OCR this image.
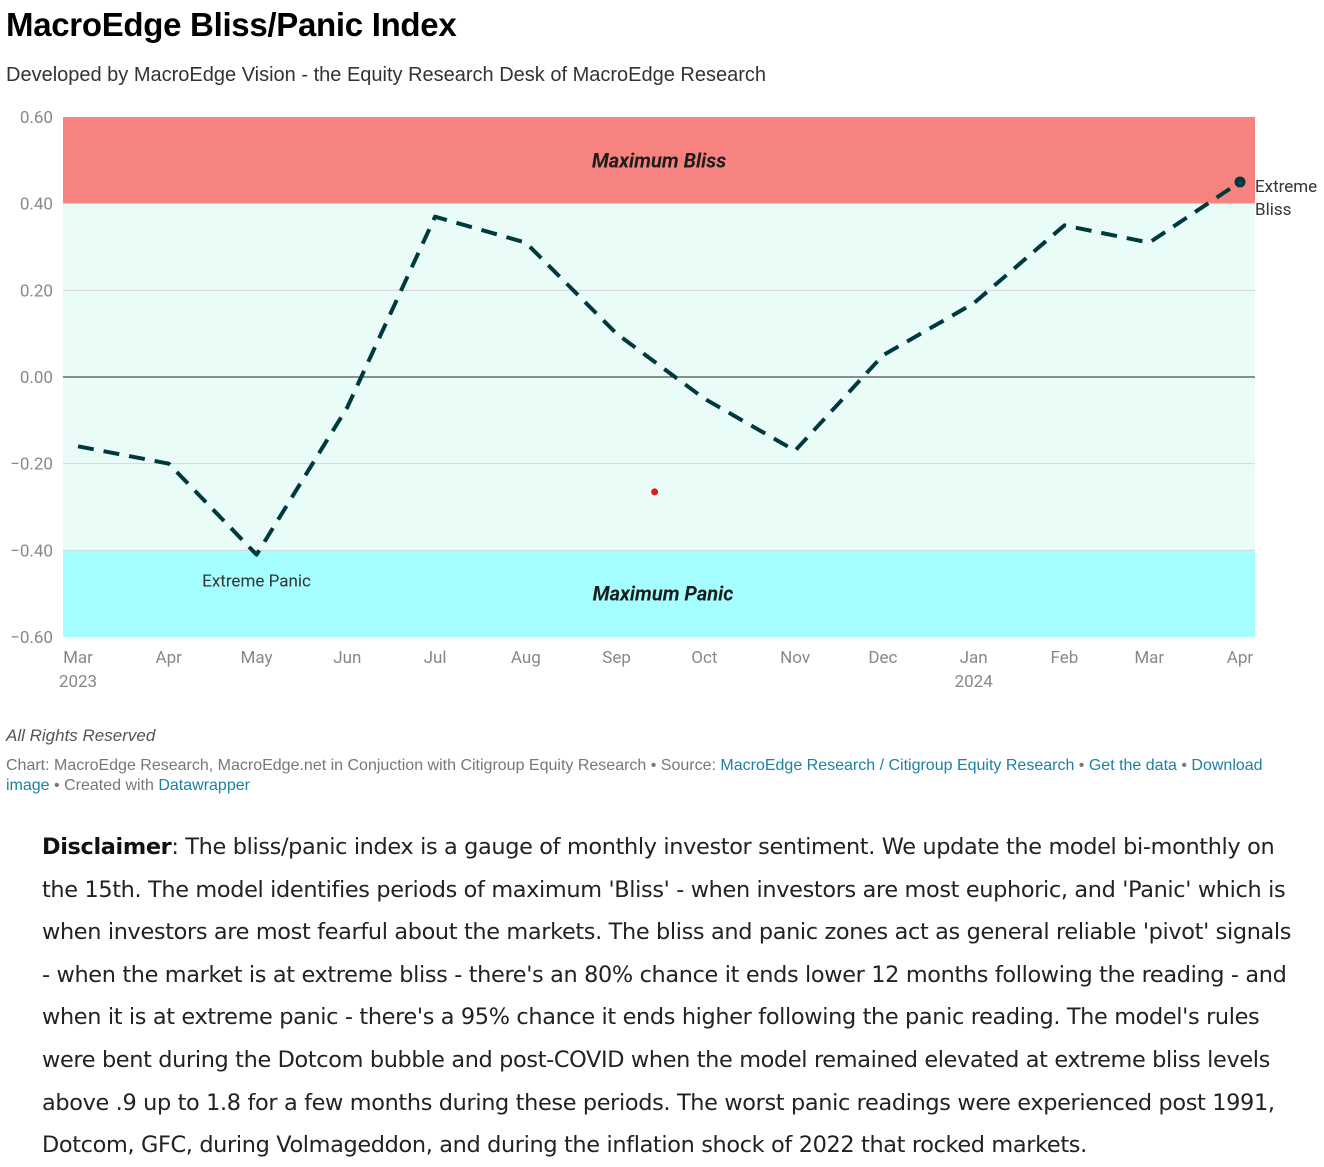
MacroEdge Bliss/Panic Index
Developed by MacroEdge Vision - the Equity Research Desk of MacroEdge Research
0.60
0.40
0.20
0.00
−0.20
−0.40
−0.60
Maximum Bliss
Maximum Panic
Mar
2023
Apr	May	Jun	Jul	Aug	Sep	Oct	Nov	Dec	Jan
2024
Feb	Mar	Apr
Extreme
Bliss
Extreme Panic
All Rights Reserved
Chart: MacroEdge Research, MacroEdge.net in Conjuction with Citigroup Equity Research • Source: MacroEdge Research / Citigroup Equity Research • Get the data • Download image • Created with Datawrapper
Disclaimer: The bliss/panic index is a gauge of monthly investor sentiment. We update the model bi-monthly on the 15th. The model identifies periods of maximum 'Bliss' - when investors are most euphoric, and 'Panic' which is when investors are most fearful about the markets. The bliss and panic zones act as general reliable 'pivot' signals - when the market is at extreme bliss - there's an 80% chance it ends lower 12 months following the reading - and when it is at extreme panic - there's a 95% chance it ends higher following the panic reading. The model's rules were bent during the Dotcom bubble and post-COVID when the model remained elevated at extreme bliss levels above .9 up to 1.8 for a few months during these periods. The worst panic readings were experienced post 1991, Dotcom, GFC, during Volmageddon, and during the inflation shock of 2022 that rocked markets.
